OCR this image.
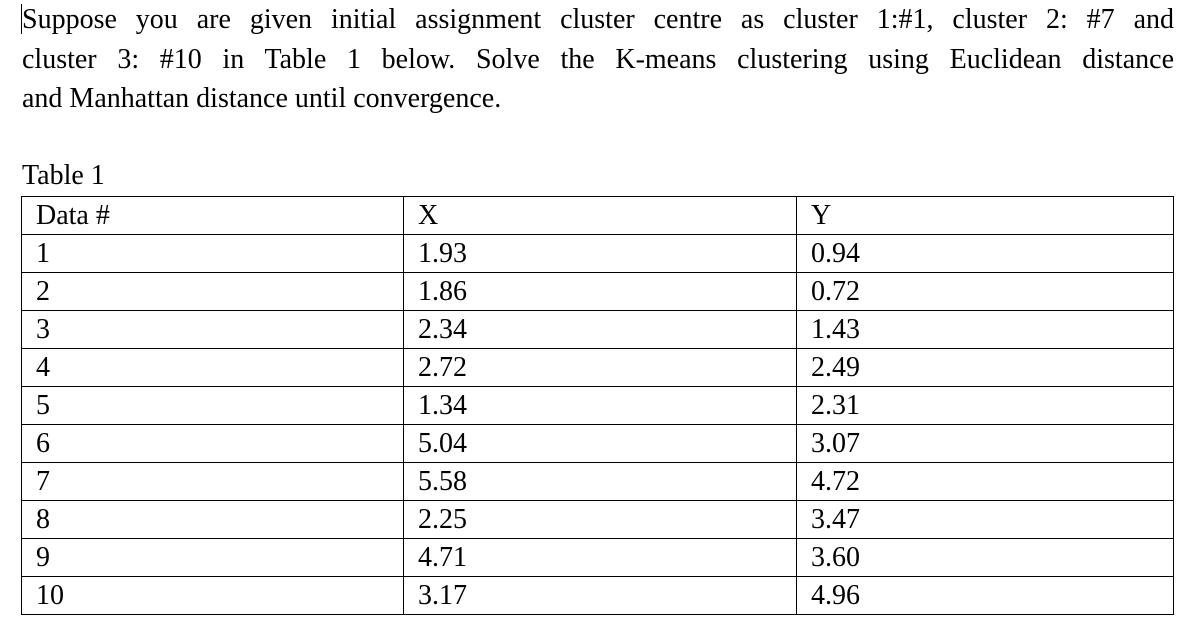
Suppose you are given initial assignment cluster centre as cluster 1:#1, cluster 2: #7 and
cluster 3: #10 in Table 1 below. Solve the K-means clustering using Euclidean distance
and Manhattan distance until convergence.
Table 1
Data #	X	Y
1	1.93	0.94
2	1.86	0.72
3	2.34	1.43
4	2.72	2.49
5	1.34	2.31
6	5.04	3.07
7	5.58	4.72
8	2.25	3.47
9	4.71	3.60
10	3.17	4.96
